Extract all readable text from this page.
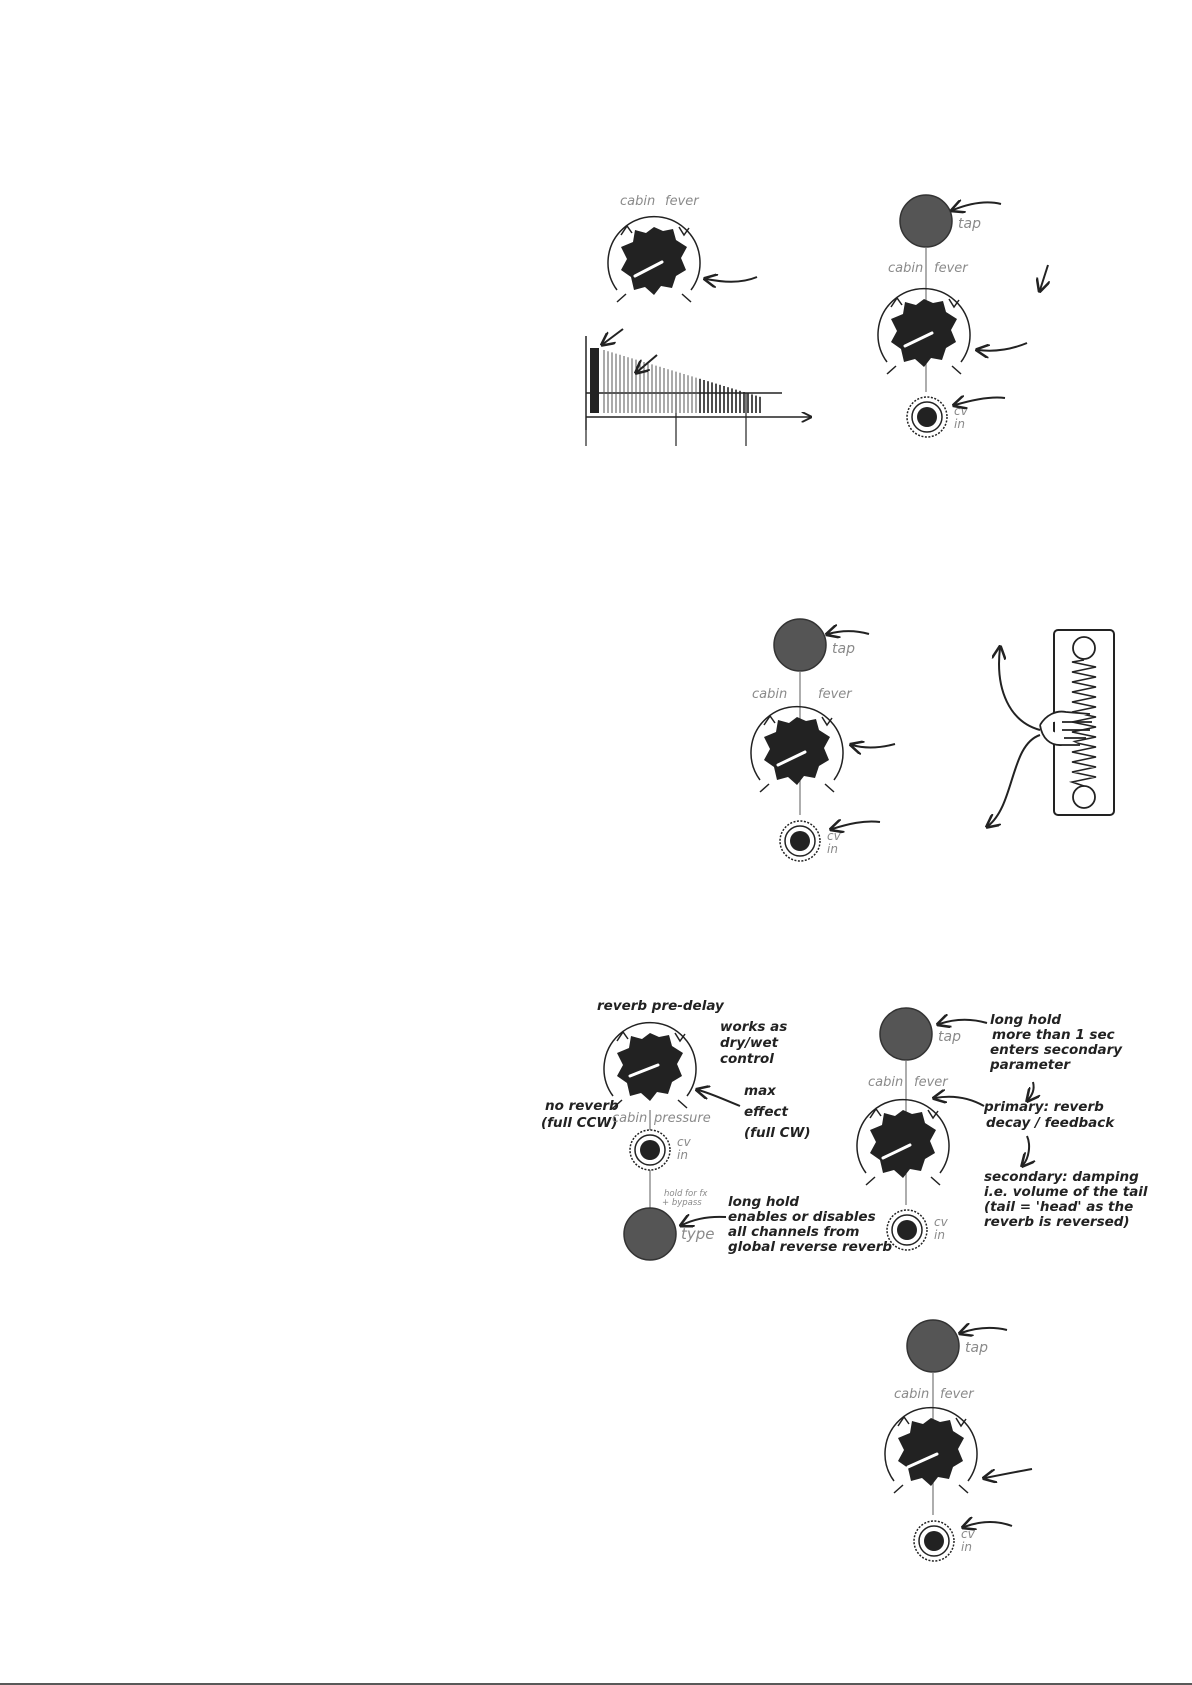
cabin fever
tap
cabin fever
cv
in
tap
cabin fever
cv
in
reverb pre-delay
works as
dry/wet
control
max
effect
(full CW)
no reverb
(full CCW)
cabin pressure
cv
in
hold for fx
+ bypass
type
long hold
enables or disables
all channels from
global reverse reverb
tap
long hold
more than 1 sec
enters secondary
parameter
cabin fever
primary: reverb
decay / feedback
secondary: damping
i.e. volume of the tail
(tail = 'head' as the
reverb is reversed)
cv
in
tap
cabin fever
cv
in
